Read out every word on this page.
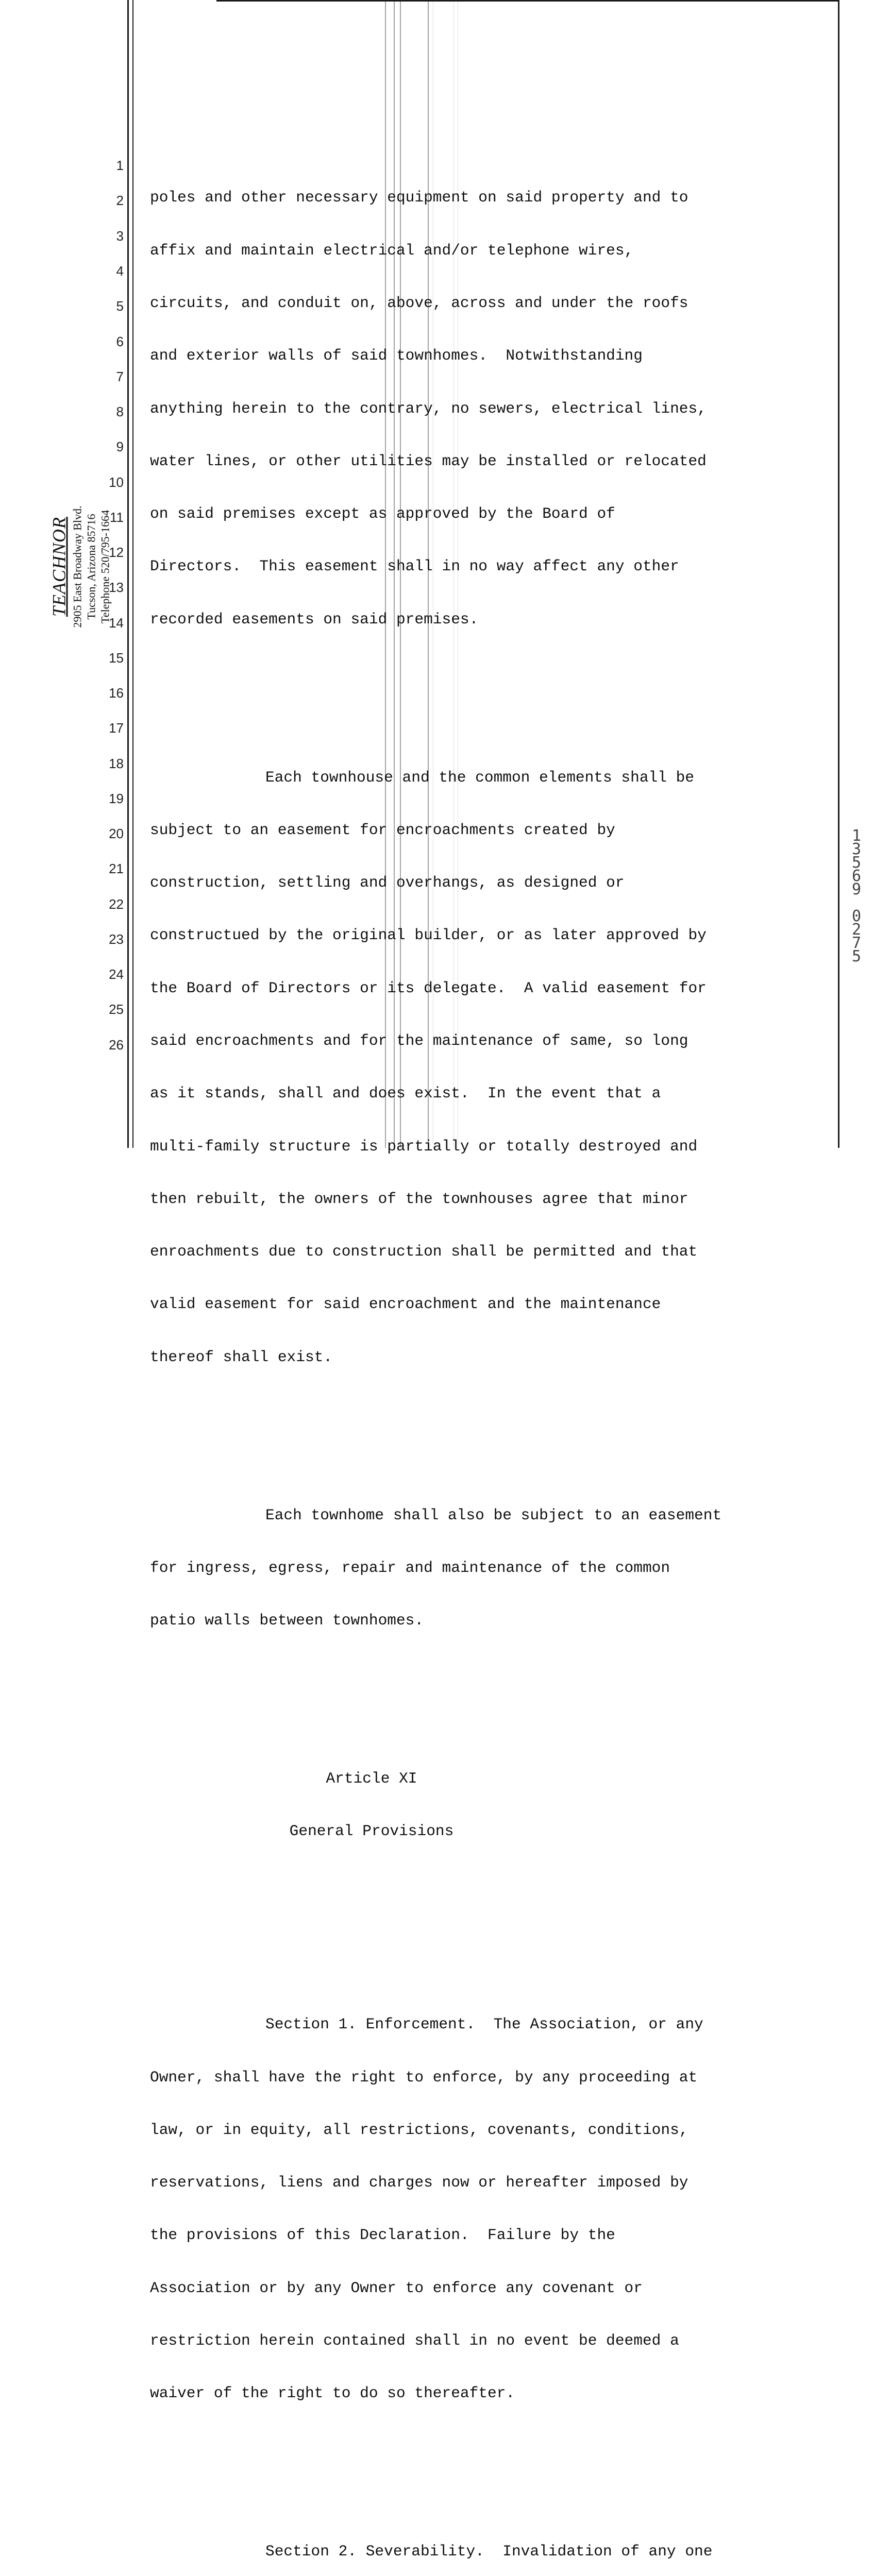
TEACHNOR 2905 East Broadway Blvd. Tucson, Arizona 85716 Telephone 520/795-1664
1
2
3
4
5
6
7
8
9
10
11
12
13
14
15
16
17
18
19
20
21
22
23
24
25
26
1
3
5
6
9
0
2
7
5

poles and other necessary equipment on said property and to

affix and maintain electrical and/or telephone wires,

circuits, and conduit on, above, across and under the roofs

and exterior walls of said townhomes.  Notwithstanding

anything herein to the contrary, no sewers, electrical lines,

water lines, or other utilities may be installed or relocated

on said premises except as approved by the Board of

Directors.  This easement shall in no way affect any other

recorded easements on said premises.

Each townhouse and the common elements shall be

subject to an easement for encroachments created by

construction, settling and overhangs, as designed or

constructued by the original builder, or as later approved by

the Board of Directors or its delegate.  A valid easement for

said encroachments and for the maintenance of same, so long

as it stands, shall and does exist.  In the event that a

multi-family structure is partially or totally destroyed and

then rebuilt, the owners of the townhouses agree that minor

enroachments due to construction shall be permitted and that

valid easement for said encroachment and the maintenance

thereof shall exist.

Each townhome shall also be subject to an easement

for ingress, egress, repair and maintenance of the common

patio walls between townhomes.

Article XI

General Provisions

Section 1. Enforcement.  The Association, or any

Owner, shall have the right to enforce, by any proceeding at

law, or in equity, all restrictions, covenants, conditions,

reservations, liens and charges now or hereafter imposed by

the provisions of this Declaration.  Failure by the

Association or by any Owner to enforce any covenant or

restriction herein contained shall in no event be deemed a

waiver of the right to do so thereafter.

Section 2. Severability.  Invalidation of any one
